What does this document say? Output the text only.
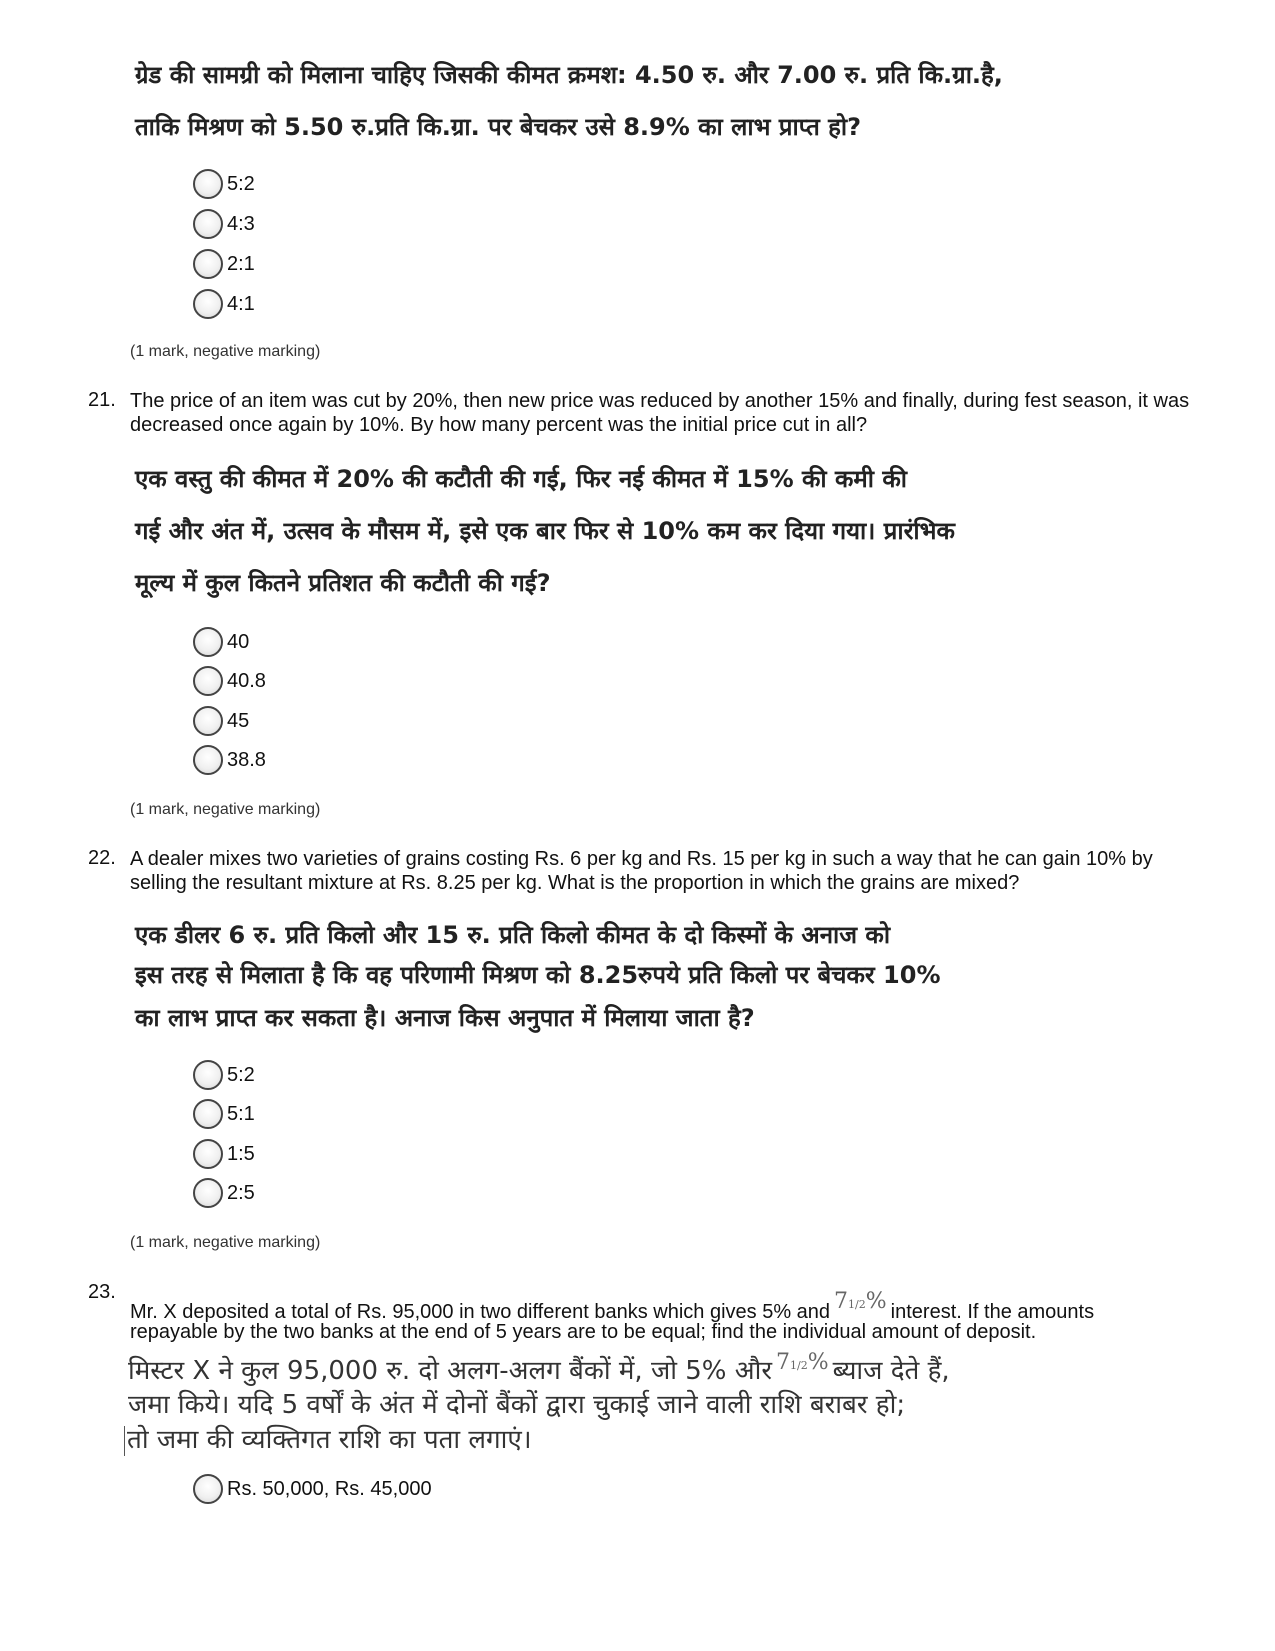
ग्रेड की सामग्री को मिलाना चाहिए जिसकी कीमत क्रमश: 4.50 रु. और 7.00 रु. प्रति कि.ग्रा.है,

ताकि मिश्रण को 5.50 रु.प्रति कि.ग्रा. पर बेचकर उसे 8.9% का लाभ प्राप्त हो?

5:2
4:3
2:1
4:1

(1 mark, negative marking)

21. The price of an item was cut by 20%, then new price was reduced by another 15% and finally, during fest season, it was decreased once again by 10%. By how many percent was the initial price cut in all?

एक वस्तु की कीमत में 20% की कटौती की गई, फिर नई कीमत में 15% की कमी की

गई और अंत में, उत्सव के मौसम में, इसे एक बार फिर से 10% कम कर दिया गया। प्रारंभिक

मूल्य में कुल कितने प्रतिशत की कटौती की गई?

40
40.8
45
38.8

(1 mark, negative marking)

22. A dealer mixes two varieties of grains costing Rs. 6 per kg and Rs. 15 per kg in such a way that he can gain 10% by selling the resultant mixture at Rs. 8.25 per kg. What is the proportion in which the grains are mixed?

एक डीलर 6 रु. प्रति किलो और 15 रु. प्रति किलो कीमत के दो किस्मों के अनाज को

इस तरह से मिलाता है कि वह परिणामी मिश्रण को 8.25रुपये प्रति किलो पर बेचकर 10%

का लाभ प्राप्त कर सकता है। अनाज किस अनुपात में मिलाया जाता है?

5:2
5:1
1:5
2:5

(1 mark, negative marking)

23.

Mr. X deposited a total of Rs. 95,000 in two different banks which gives 5% and 71/2% interest. If the amounts

repayable by the two banks at the end of 5 years are to be equal; find the individual amount of deposit.

मिस्टर X ने कुल 95,000 रु. दो अलग-अलग बैंकों में, जो 5% और 71/2% ब्याज देते हैं,

जमा किये। यदि 5 वर्षों के अंत में दोनों बैंकों द्वारा चुकाई जाने वाली राशि बराबर हो;

तो जमा की व्यक्तिगत राशि का पता लगाएं।

Rs. 50,000, Rs. 45,000
